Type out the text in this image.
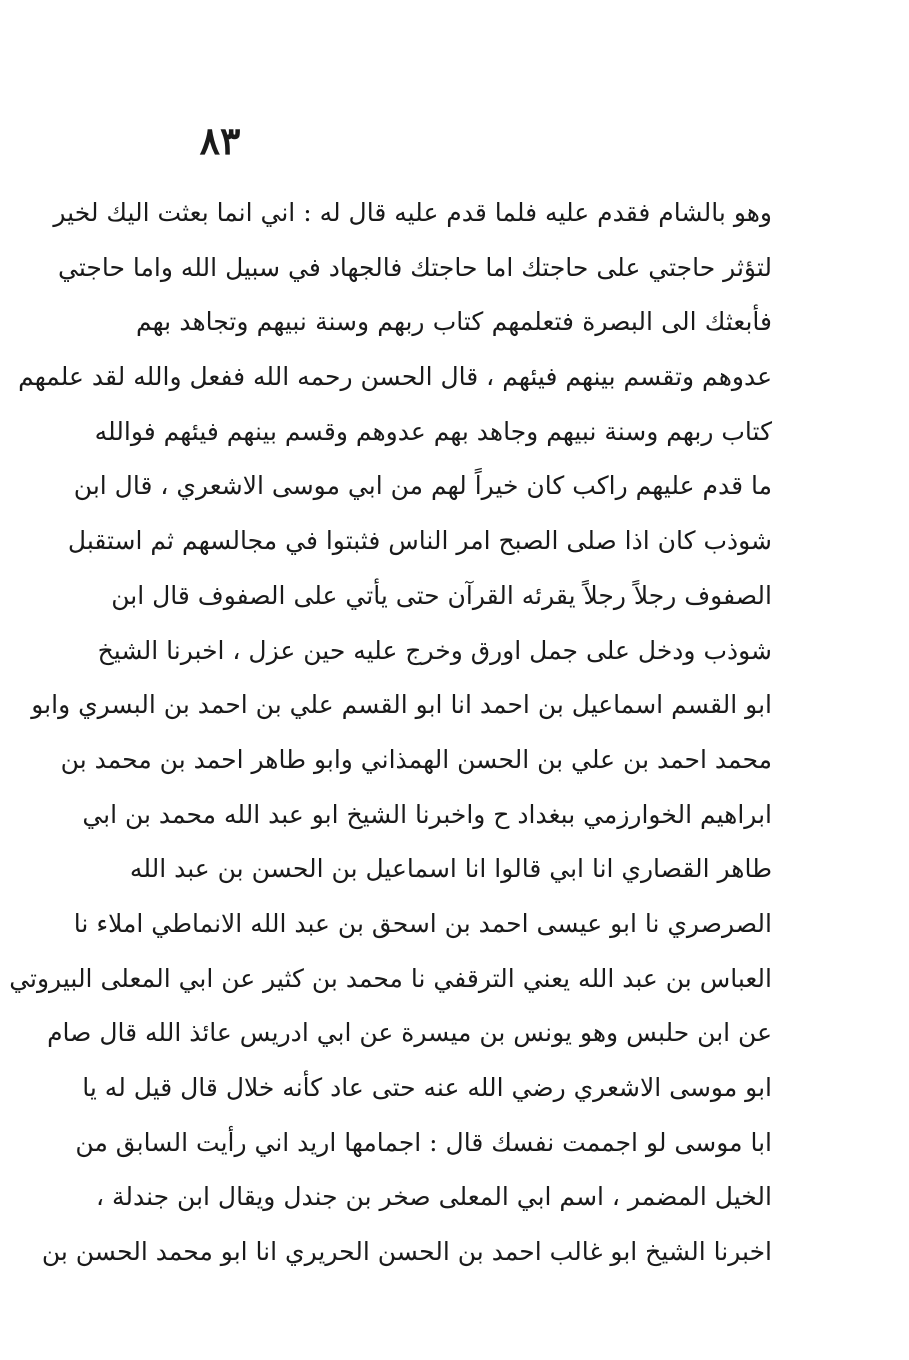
٨٣
وهو بالشام فقدم عليه فلما قدم عليه قال له : اني انما بعثت اليك لخير
لتؤثر حاجتي على حاجتك اما حاجتك فالجهاد في سبيل الله واما حاجتي
فأبعثك الى البصرة فتعلمهم كتاب ربهم وسنة نبيهم وتجاهد بهم
عدوهم وتقسم بينهم فيئهم ، قال الحسن رحمه الله ففعل والله لقد علمهم
كتاب ربهم وسنة نبيهم وجاهد بهم عدوهم وقسم بينهم فيئهم فوالله
ما قدم عليهم راكب كان خيراً لهم من ابي موسى الاشعري ، قال ابن
شوذب كان اذا صلى الصبح امر الناس فثبتوا في مجالسهم ثم استقبل
الصفوف رجلاً رجلاً يقرئه القرآن حتى يأتي على الصفوف قال ابن
شوذب ودخل على جمل اورق وخرج عليه حين عزل ، اخبرنا الشيخ
ابو القسم اسماعيل بن احمد انا ابو القسم علي بن احمد بن البسري وابو
محمد احمد بن علي بن الحسن الهمذاني وابو طاهر احمد بن محمد بن
ابراهيم الخوارزمي ببغداد ح واخبرنا الشيخ ابو عبد الله محمد بن ابي
طاهر القصاري انا ابي قالوا انا اسماعيل بن الحسن بن عبد الله
الصرصري نا ابو عيسى احمد بن اسحق بن عبد الله الانماطي املاء نا
العباس بن عبد الله يعني الترقفي نا محمد بن كثير عن ابي المعلى البيروتي
عن ابن حلبس وهو يونس بن ميسرة عن ابي ادريس عائذ الله قال صام
ابو موسى الاشعري رضي الله عنه حتى عاد كأنه خلال قال قيل له يا
ابا موسى لو اجممت نفسك قال : اجمامها اريد اني رأيت السابق من
الخيل المضمر ، اسم ابي المعلى صخر بن جندل ويقال ابن جندلة ،
اخبرنا الشيخ ابو غالب احمد بن الحسن الحريري انا ابو محمد الحسن بن
